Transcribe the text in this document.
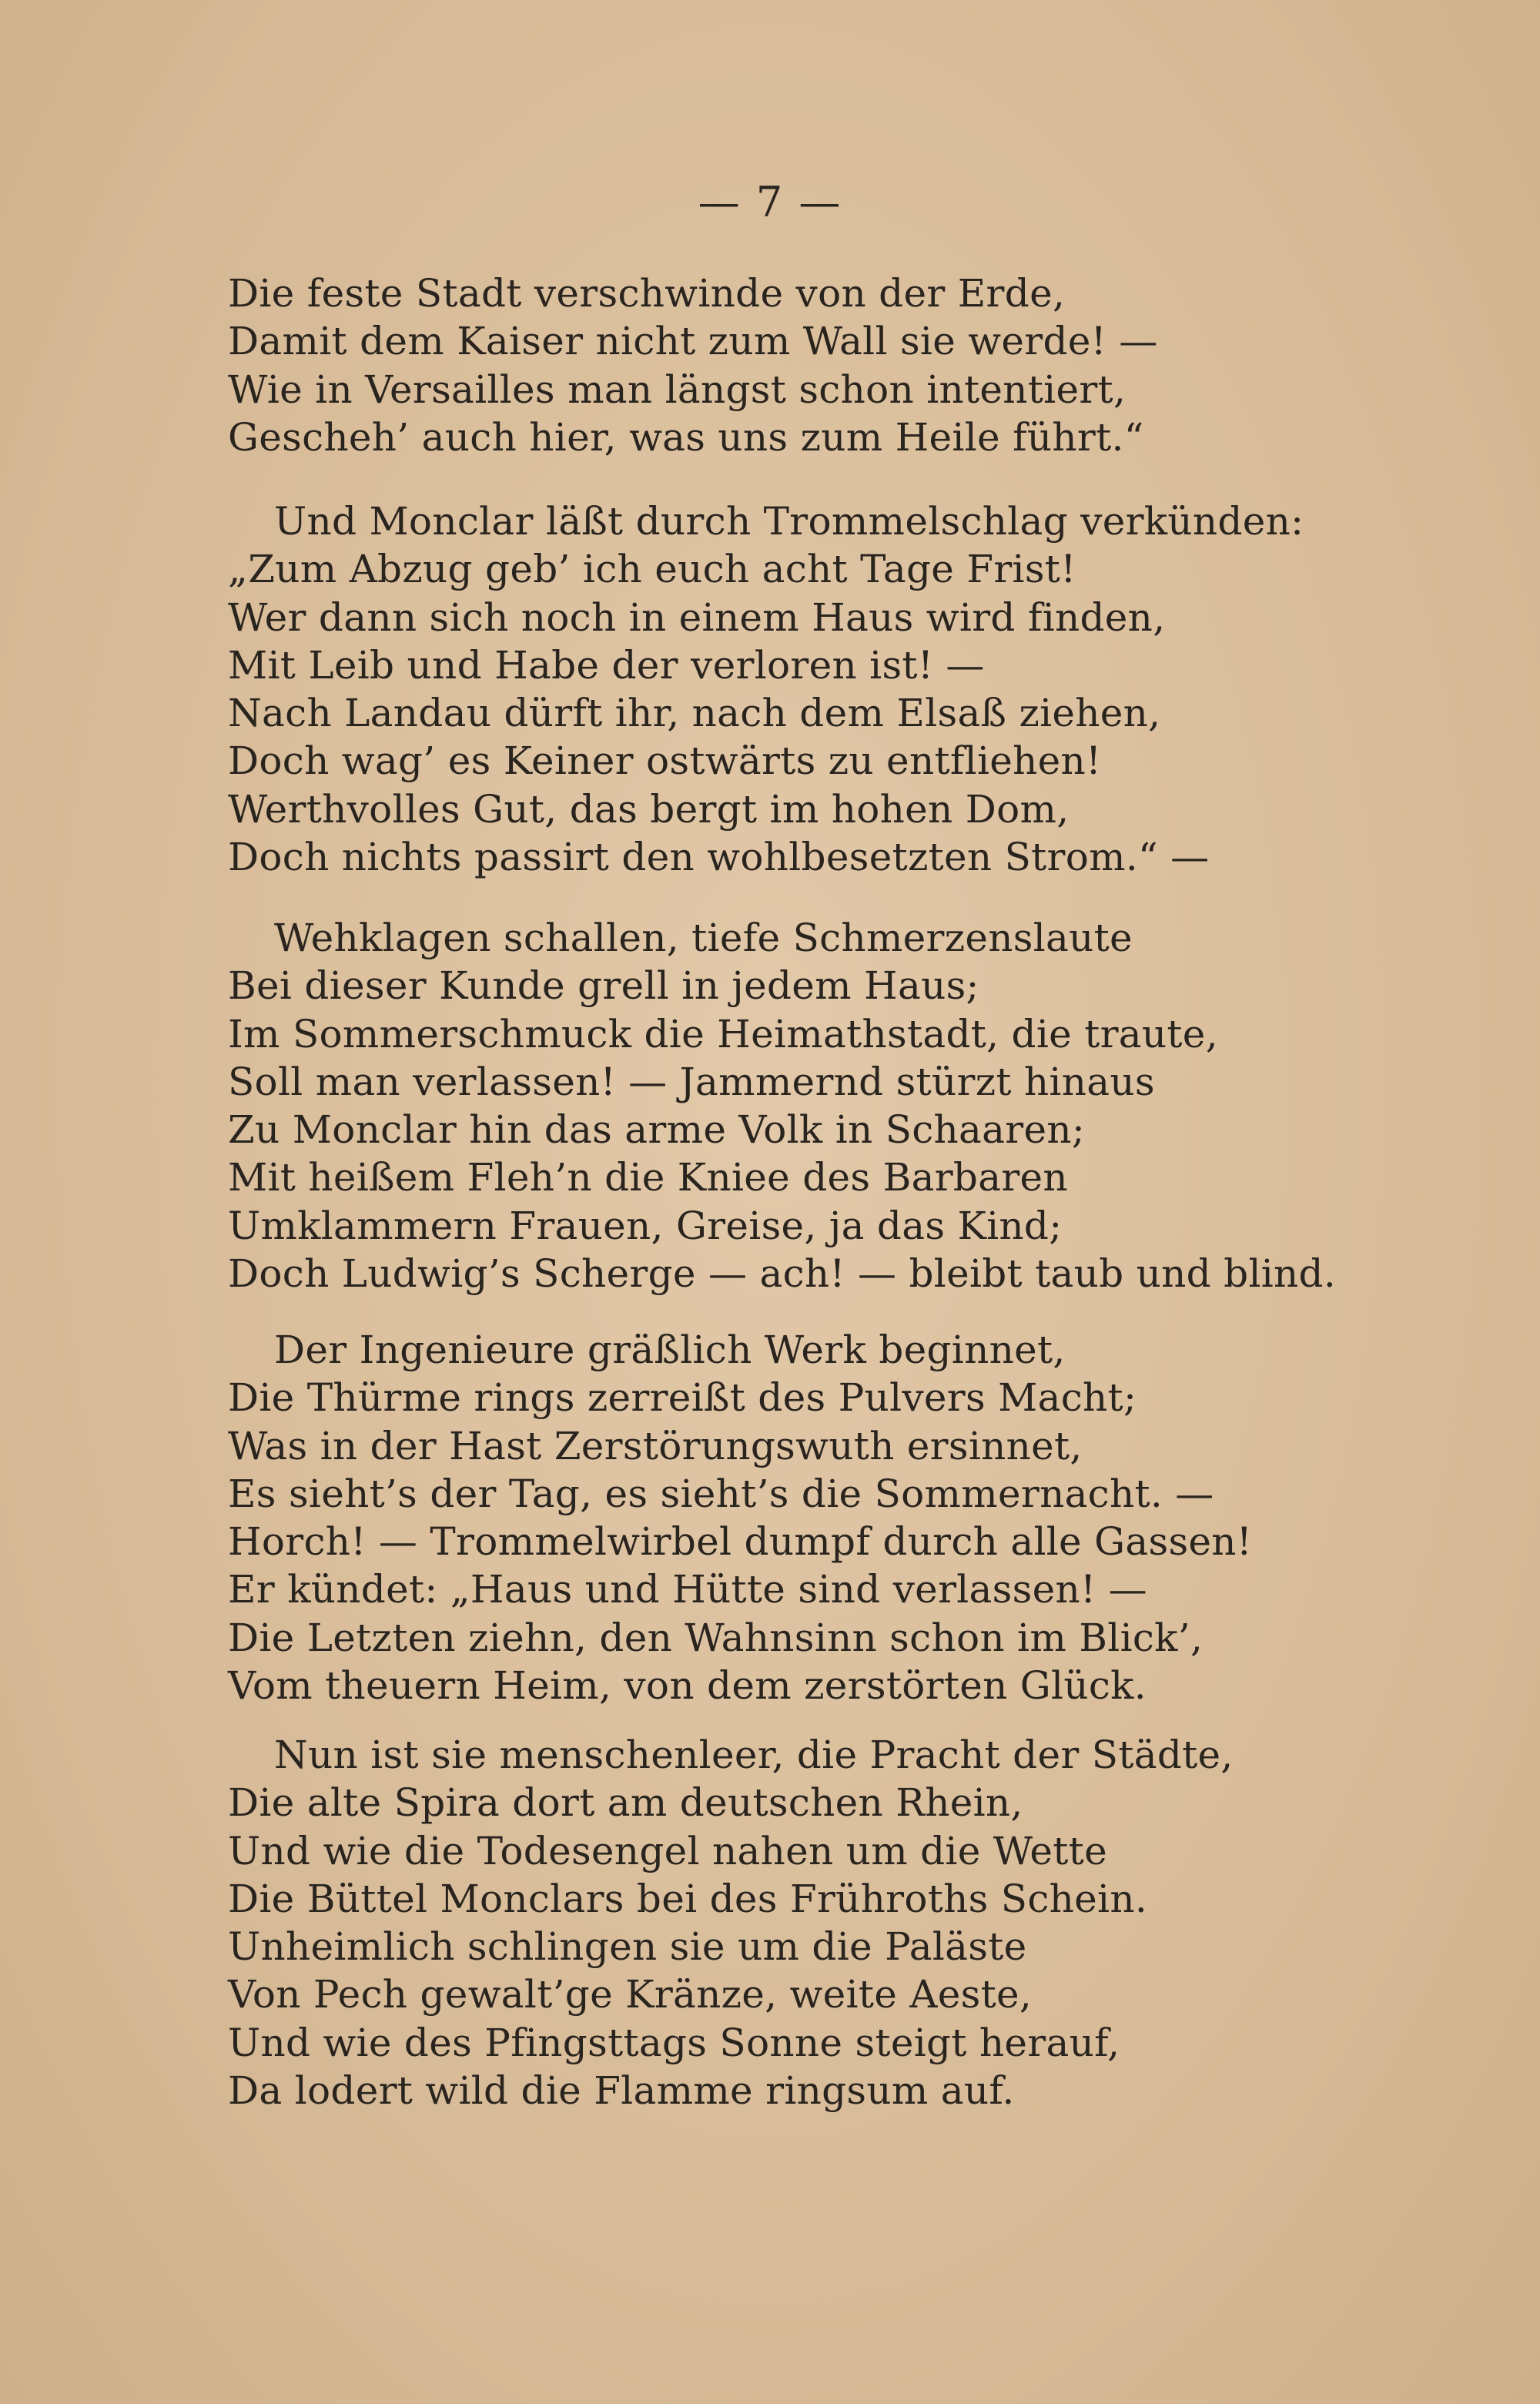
— 7 —
Die feste Stadt verschwinde von der Erde,
Damit dem Kaiser nicht zum Wall sie werde! —
Wie in Versailles man längst schon intentiert,
Gescheh’ auch hier, was uns zum Heile führt.“
Und Monclar läßt durch Trommelschlag verkünden:
„Zum Abzug geb’ ich euch acht Tage Frist!
Wer dann sich noch in einem Haus wird finden,
Mit Leib und Habe der verloren ist! —
Nach Landau dürft ihr, nach dem Elsaß ziehen,
Doch wag’ es Keiner ostwärts zu entfliehen!
Werthvolles Gut, das bergt im hohen Dom,
Doch nichts passirt den wohlbesetzten Strom.“ —
Wehklagen schallen, tiefe Schmerzenslaute
Bei dieser Kunde grell in jedem Haus;
Im Sommerschmuck die Heimathstadt, die traute,
Soll man verlassen! — Jammernd stürzt hinaus
Zu Monclar hin das arme Volk in Schaaren;
Mit heißem Fleh’n die Kniee des Barbaren
Umklammern Frauen, Greise, ja das Kind;
Doch Ludwig’s Scherge — ach! — bleibt taub und blind.
Der Ingenieure gräßlich Werk beginnet,
Die Thürme rings zerreißt des Pulvers Macht;
Was in der Hast Zerstörungswuth ersinnet,
Es sieht’s der Tag, es sieht’s die Sommernacht. —
Horch! — Trommelwirbel dumpf durch alle Gassen!
Er kündet: „Haus und Hütte sind verlassen! —
Die Letzten ziehn, den Wahnsinn schon im Blick’,
Vom theuern Heim, von dem zerstörten Glück.
Nun ist sie menschenleer, die Pracht der Städte,
Die alte Spira dort am deutschen Rhein,
Und wie die Todesengel nahen um die Wette
Die Büttel Monclars bei des Frühroths Schein.
Unheimlich schlingen sie um die Paläste
Von Pech gewalt’ge Kränze, weite Aeste,
Und wie des Pfingsttags Sonne steigt herauf,
Da lodert wild die Flamme ringsum auf.
